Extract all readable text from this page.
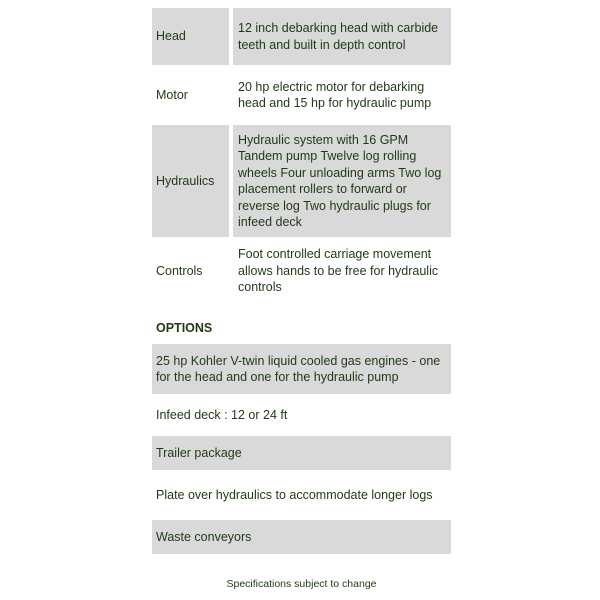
Head		12 inch debarking head with carbide teeth and built in depth control
Motor		20 hp electric motor for debarking head and 15 hp for hydraulic pump
Hydraulics		Hydraulic system with 16 GPM Tandem pump Twelve log rolling wheels Four unloading arms Two log placement rollers to forward or reverse log Two hydraulic plugs for infeed deck
Controls		Foot controlled carriage movement allows hands to be free for hydraulic controls
OPTIONS
25 hp Kohler V-twin liquid cooled gas engines - one for the head and one for the hydraulic pump
Infeed deck : 12 or 24 ft
Trailer package
Plate over hydraulics to accommodate longer logs
Waste conveyors
Specifications subject to change
